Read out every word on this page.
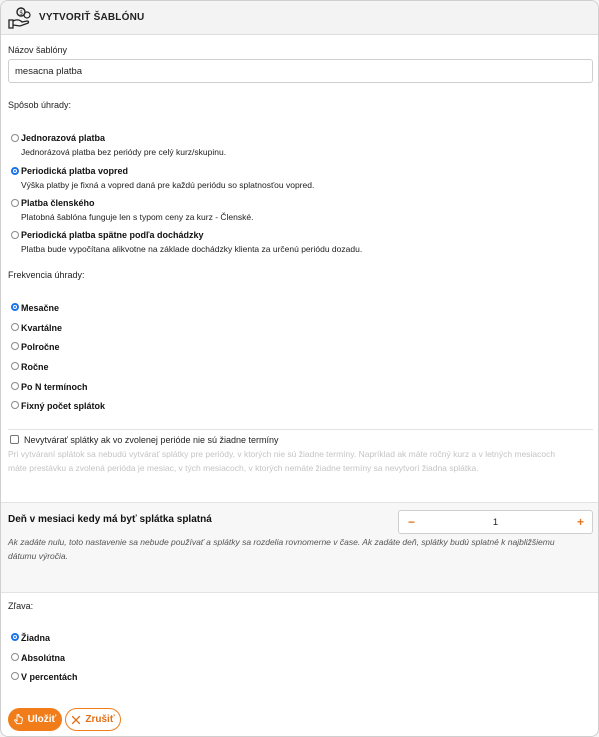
$ VYTVORIŤ ŠABLÓNU
Názov šablóny
mesacna platba
Spôsob úhrady:
Jednorazová platba
Jednorázová platba bez periódy pre celý kurz/skupinu.
Periodická platba vopred
Výška platby je fixná a vopred daná pre každú periódu so splatnosťou vopred.
Platba členského
Platobná šablóna funguje len s typom ceny za kurz - Členské.
Periodická platba spätne podľa dochádzky
Platba bude vypočítana alikvotne na základe dochádzky klienta za určenú periódu dozadu.
Frekvencia úhrady:
Mesačne
Kvartálne
Polročne
Ročne
Po N termínoch
Fixný počet splátok
Nevytvárať splátky ak vo zvolenej perióde nie sú žiadne termíny
Pri vytváraní splátok sa nebudú vytvárať splátky pre periódy, v ktorých nie sú žiadne termíny. Napríklad ak máte ročný kurz a v letných mesiacoch
máte prestávku a zvolená perióda je mesiac, v tých mesiacoch, v ktorých nemáte žiadne termíny sa nevytvorí žiadna splátka.
Deň v mesiaci kedy má byť splátka splatná	−	1	+
Ak zadáte nulu, toto nastavenie sa nebude používať a splátky sa rozdelia rovnomerne v čase. Ak zadáte deň, splátky budú splatné k najbližšiemu
dátumu výročia.
Zľava:
Žiadna
Absolútna
V percentách
Uložiť	Zrušiť
